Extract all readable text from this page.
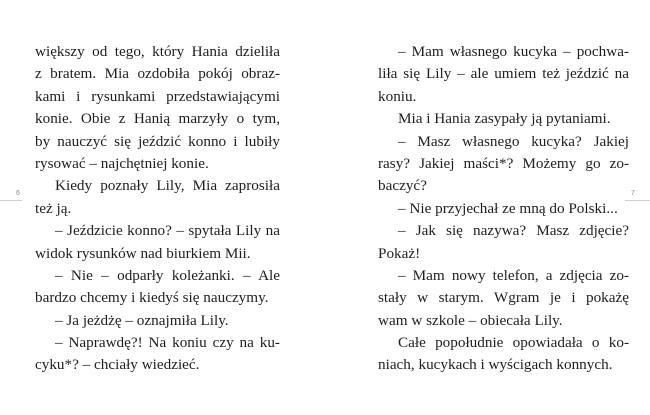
większy od tego, który Hania dzieliła
z bratem. Mia ozdobiła pokój obraz-
kami i rysunkami przedstawiającymi
konie. Obie z Hanią marzyły o tym,
by nauczyć się jeździć konno i lubiły
rysować – najchętniej konie.
Kiedy poznały Lily, Mia zaprosiła
też ją.
– Jeździcie konno? – spytała Lily na
widok rysunków nad biurkiem Mii.
– Nie – odparły koleżanki. – Ale
bardzo chcemy i kiedyś się nauczymy.
– Ja jeżdżę – oznajmiła Lily.
– Naprawdę?! Na koniu czy na ku-
cyku*? – chciały wiedzieć.
6
– Mam własnego kucyka – pochwa-
liła się Lily – ale umiem też jeździć na
koniu.
Mia i Hania zasypały ją pytaniami.
– Masz własnego kucyka? Jakiej
rasy? Jakiej maści*? Możemy go zo-
baczyć?
– Nie przyjechał ze mną do Polski...
– Jak się nazywa? Masz zdjęcie?
Pokaż!
– Mam nowy telefon, a zdjęcia zo-
stały w starym. Wgram je i pokażę
wam w szkole – obiecała Lily.
Całe popołudnie opowiadała o ko-
niach, kucykach i wyścigach konnych.
7
